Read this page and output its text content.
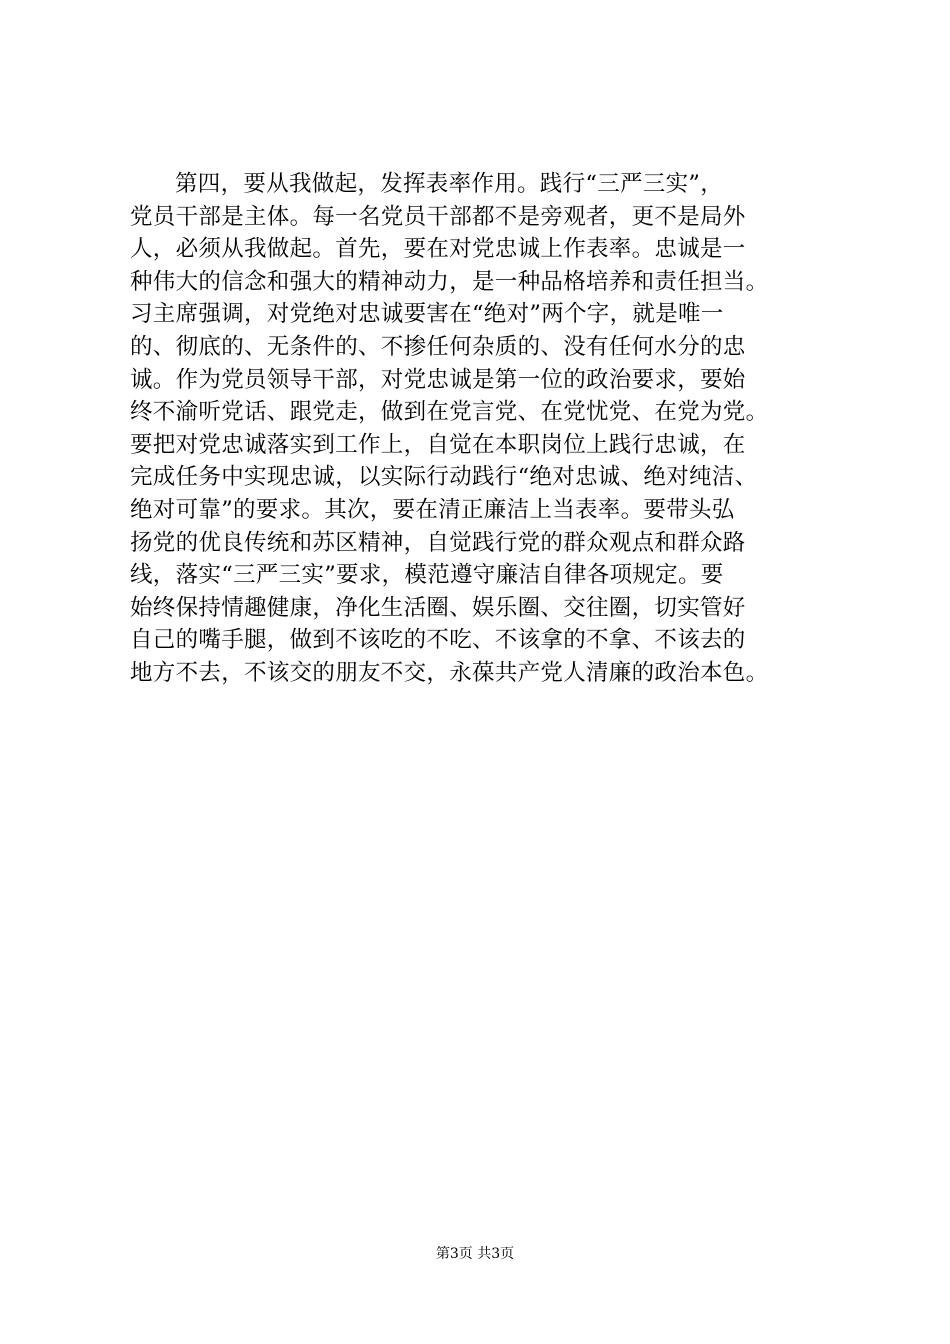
第四，要从我做起，发挥表率作用。践行“三严三实”，
党员干部是主体。每一名党员干部都不是旁观者，更不是局外
人，必须从我做起。首先，要在对党忠诚上作表率。忠诚是一
种伟大的信念和强大的精神动力，是一种品格培养和责任担当。
习主席强调，对党绝对忠诚要害在“绝对”两个字，就是唯一
的、彻底的、无条件的、不掺任何杂质的、没有任何水分的忠
诚。作为党员领导干部，对党忠诚是第一位的政治要求，要始
终不渝听党话、跟党走，做到在党言党、在党忧党、在党为党。
要把对党忠诚落实到工作上，自觉在本职岗位上践行忠诚，在
完成任务中实现忠诚，以实际行动践行“绝对忠诚、绝对纯洁、
绝对可靠”的要求。其次，要在清正廉洁上当表率。要带头弘
扬党的优良传统和苏区精神，自觉践行党的群众观点和群众路
线，落实“三严三实”要求，模范遵守廉洁自律各项规定。要
始终保持情趣健康，净化生活圈、娱乐圈、交往圈，切实管好
自己的嘴手腿，做到不该吃的不吃、不该拿的不拿、不该去的
地方不去，不该交的朋友不交，永葆共产党人清廉的政治本色。

第3页 共3页
